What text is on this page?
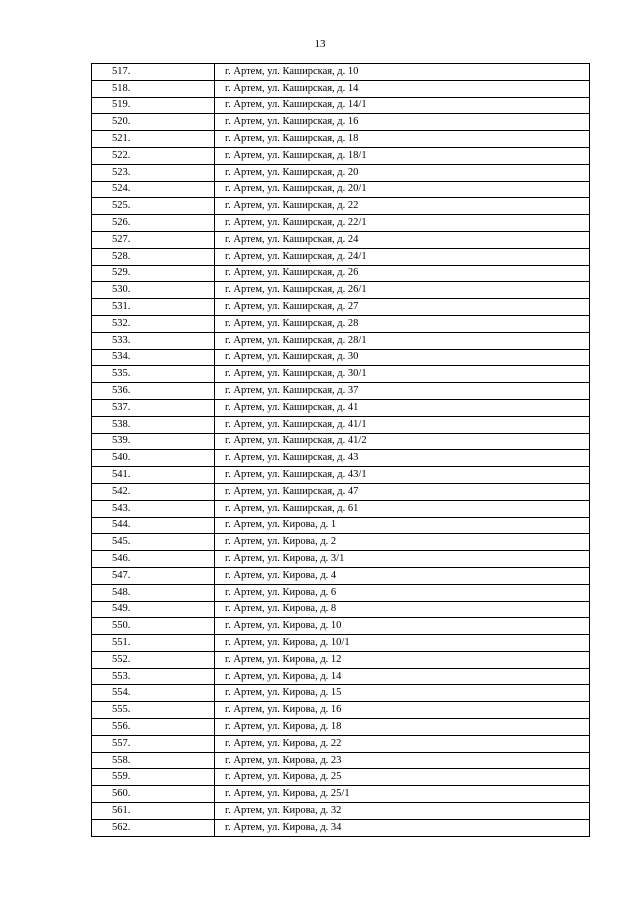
13
517.	г. Артем, ул. Каширская, д. 10
518.	г. Артем, ул. Каширская, д. 14
519.	г. Артем, ул. Каширская, д. 14/1
520.	г. Артем, ул. Каширская, д. 16
521.	г. Артем, ул. Каширская, д. 18
522.	г. Артем, ул. Каширская, д. 18/1
523.	г. Артем, ул. Каширская, д. 20
524.	г. Артем, ул. Каширская, д. 20/1
525.	г. Артем, ул. Каширская, д. 22
526.	г. Артем, ул. Каширская, д. 22/1
527.	г. Артем, ул. Каширская, д. 24
528.	г. Артем, ул. Каширская, д. 24/1
529.	г. Артем, ул. Каширская, д. 26
530.	г. Артем, ул. Каширская, д. 26/1
531.	г. Артем, ул. Каширская, д. 27
532.	г. Артем, ул. Каширская, д. 28
533.	г. Артем, ул. Каширская, д. 28/1
534.	г. Артем, ул. Каширская, д. 30
535.	г. Артем, ул. Каширская, д. 30/1
536.	г. Артем, ул. Каширская, д. 37
537.	г. Артем, ул. Каширская, д. 41
538.	г. Артем, ул. Каширская, д. 41/1
539.	г. Артем, ул. Каширская, д. 41/2
540.	г. Артем, ул. Каширская, д. 43
541.	г. Артем, ул. Каширская, д. 43/1
542.	г. Артем, ул. Каширская, д. 47
543.	г. Артем, ул. Каширская, д. 61
544.	г. Артем, ул. Кирова, д. 1
545.	г. Артем, ул. Кирова, д. 2
546.	г. Артем, ул. Кирова, д. 3/1
547.	г. Артем, ул. Кирова, д. 4
548.	г. Артем, ул. Кирова, д. 6
549.	г. Артем, ул. Кирова, д. 8
550.	г. Артем, ул. Кирова, д. 10
551.	г. Артем, ул. Кирова, д. 10/1
552.	г. Артем, ул. Кирова, д. 12
553.	г. Артем, ул. Кирова, д. 14
554.	г. Артем, ул. Кирова, д. 15
555.	г. Артем, ул. Кирова, д. 16
556.	г. Артем, ул. Кирова, д. 18
557.	г. Артем, ул. Кирова, д. 22
558.	г. Артем, ул. Кирова, д. 23
559.	г. Артем, ул. Кирова, д. 25
560.	г. Артем, ул. Кирова, д. 25/1
561.	г. Артем, ул. Кирова, д. 32
562.	г. Артем, ул. Кирова, д. 34
